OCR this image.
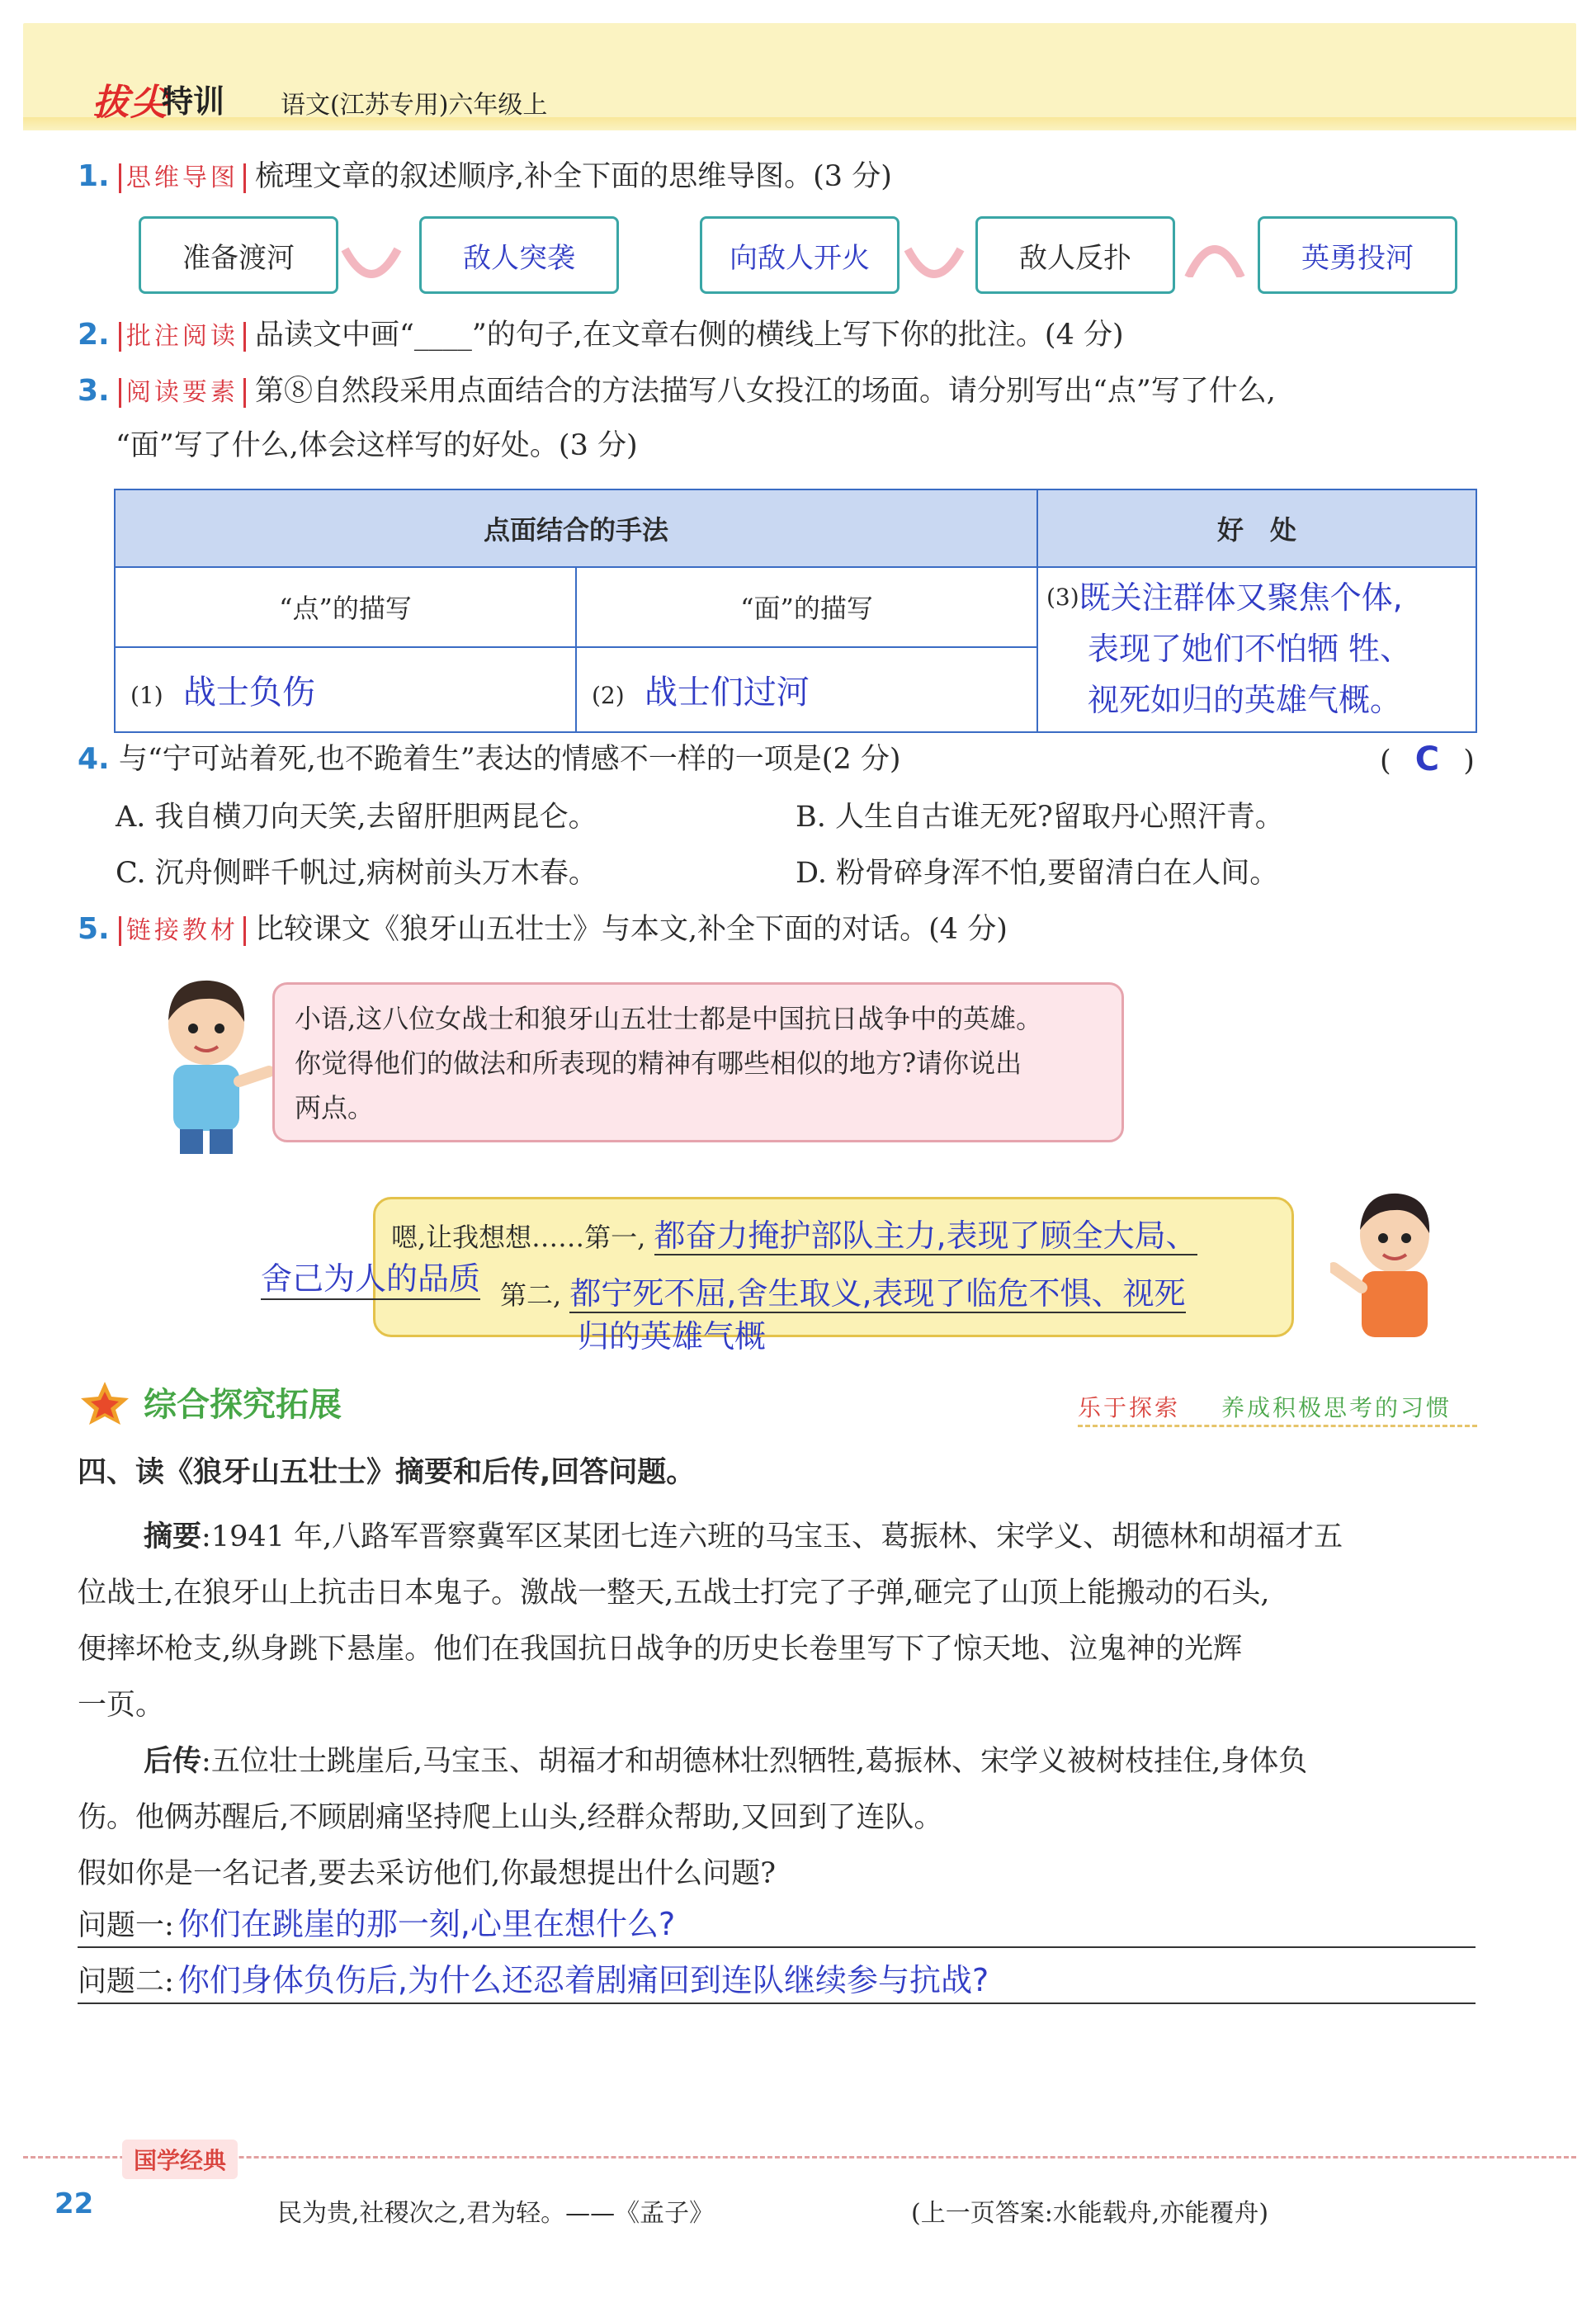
拔尖
特训 语文(江苏专用)六年级上
1. 思维导图 梳理文章的叙述顺序,补全下面的思维导图。(3 分)
准备渡河	敌人突袭	向敌人开火	敌人反扑	英勇投河
2. 批注阅读 品读文中画“____”的句子,在文章右侧的横线上写下你的批注。(4 分)
3. 阅读要素 第⑧自然段采用点面结合的方法描写八女投江的场面。请分别写出“点”写了什么,
“面”写了什么,体会这样写的好处。(3 分)
点面结合的手法		好　处
“点”的描写	“面”的描写	(3)既关注群体又聚焦个体,
表现了她们不怕牺 牲、
视死如归的英雄气概。
(1) 战士负伤	(2) 战士们过河	
4. 与“宁可站着死,也不跪着生”表达的情感不一样的一项是(2 分)	( C )
A. 我自横刀向天笑,去留肝胆两昆仑。	B. 人生自古谁无死?留取丹心照汗青。
C. 沉舟侧畔千帆过,病树前头万木春。	D. 粉骨碎身浑不怕,要留清白在人间。
5. 链接教材 比较课文《狼牙山五壮士》与本文,补全下面的对话。(4 分)
小语,这八位女战士和狼牙山五壮士都是中国抗日战争中的英雄。
你觉得他们的做法和所表现的精神有哪些相似的地方?请你说出
两点。
嗯,让我想想……第一, 都奋力掩护部队主力,表现了顾全大局、
舍己为人的品质 第二, 都宁死不屈,舍生取义,表现了临危不惧、视死
归的英雄气概
综合探究拓展	乐于探索 养成积极思考的习惯
四、读《狼牙山五壮士》摘要和后传,回答问题。
摘要:1941 年,八路军晋察冀军区某团七连六班的马宝玉、葛振林、宋学义、胡德林和胡福才五
位战士,在狼牙山上抗击日本鬼子。激战一整天,五战士打完了子弹,砸完了山顶上能搬动的石头,
便摔坏枪支,纵身跳下悬崖。他们在我国抗日战争的历史长卷里写下了惊天地、泣鬼神的光辉
一页。
后传:五位壮士跳崖后,马宝玉、胡福才和胡德林壮烈牺牲,葛振林、宋学义被树枝挂住,身体负
伤。他俩苏醒后,不顾剧痛坚持爬上山头,经群众帮助,又回到了连队。
假如你是一名记者,要去采访他们,你最想提出什么问题?
问题一: 你们在跳崖的那一刻,心里在想什么?
问题二: 你们身体负伤后,为什么还忍着剧痛回到连队继续参与抗战?
国学经典
22	民为贵,社稷次之,君为轻。——《孟子》	(上一页答案:水能载舟,亦能覆舟)
